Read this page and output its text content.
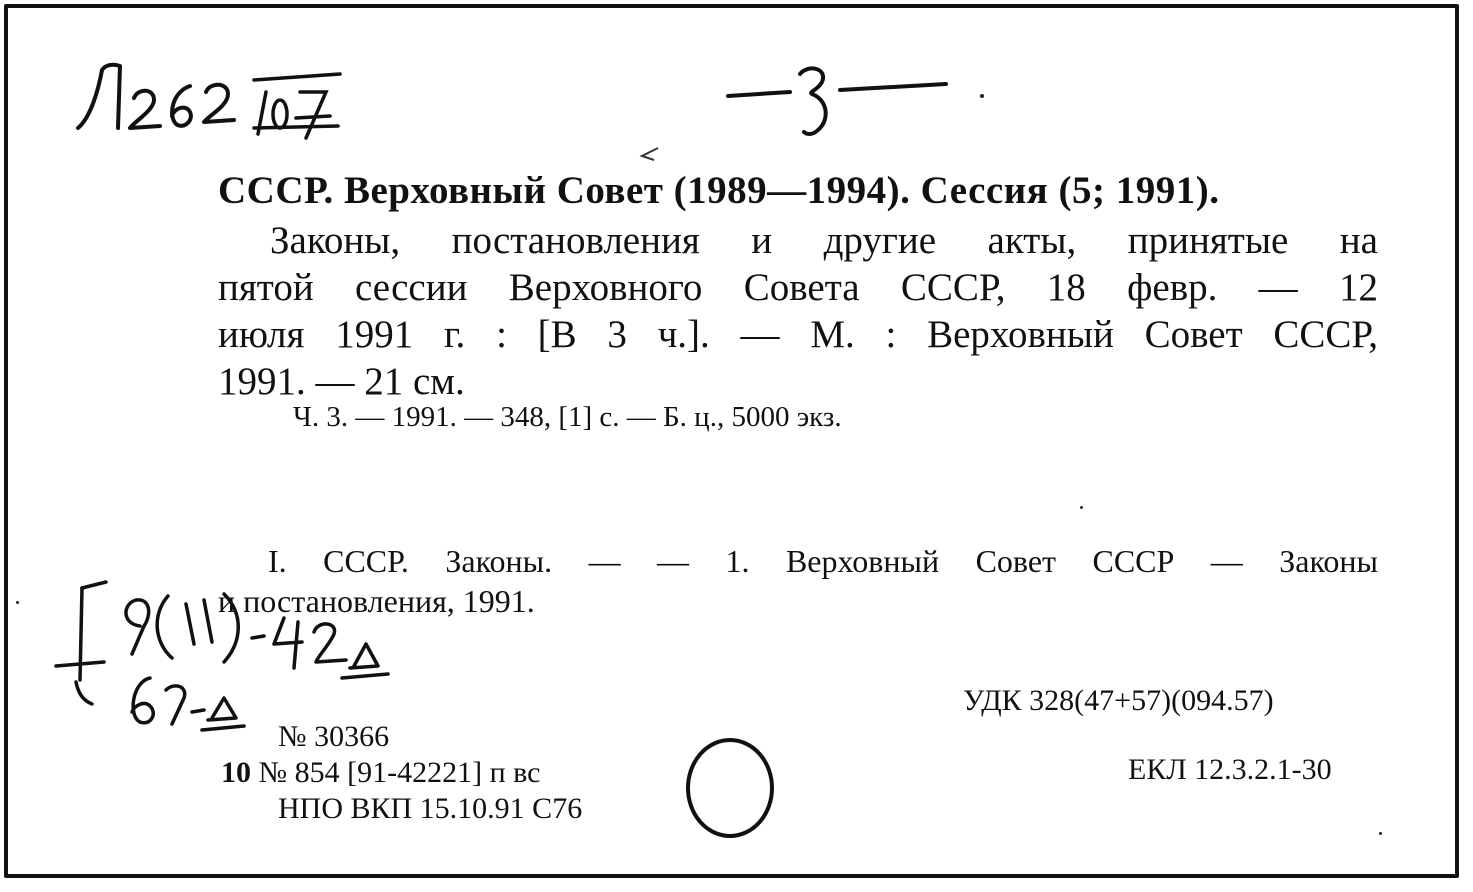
СССР. Верховный Совет (1989—1994). Сессия (5; 1991).

Законы, постановления и другие акты, принятые на
пятой сессии Верховного Совета СССР, 18 февр. — 12
июля 1991 г. : [В 3 ч.]. — М. : Верховный Совет СССР,
1991. — 21 см.

Ч. 3. — 1991. — 348, [1] с. — Б. ц., 5000 экз.

I. СССР. Законы. — — 1. Верховный Совет СССР — Законы
и постановления, 1991.

УДК 328(47+57)(094.57)

ЕКЛ 12.3.2.1-30

№ 30366

10 № 854 [91-42221] п вс

НПО ВКП 15.10.91 С76
